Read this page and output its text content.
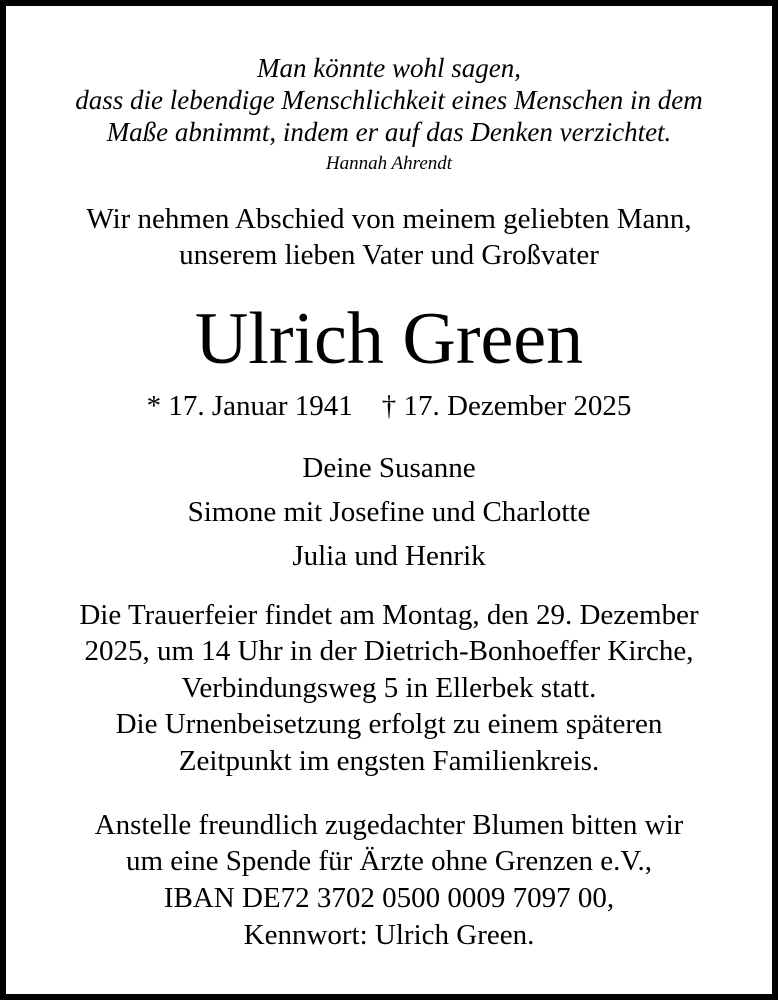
Man könnte wohl sagen,
dass die lebendige Menschlichkeit eines Menschen in dem
Maße abnimmt, indem er auf das Denken verzichtet.
Hannah Ahrendt
Wir nehmen Abschied von meinem geliebten Mann,
unserem lieben Vater und Großvater
Ulrich Green
* 17. Januar 1941    † 17. Dezember 2025
Deine Susanne
Simone mit Josefine und Charlotte
Julia und Henrik
Die Trauerfeier findet am Montag, den 29. Dezember
2025, um 14 Uhr in der Dietrich-Bonhoeffer Kirche,
Verbindungsweg 5 in Ellerbek statt.
Die Urnenbeisetzung erfolgt zu einem späteren
Zeitpunkt im engsten Familienkreis.
Anstelle freundlich zugedachter Blumen bitten wir
um eine Spende für Ärzte ohne Grenzen e.V.,
IBAN DE72 3702 0500 0009 7097 00,
Kennwort: Ulrich Green.
